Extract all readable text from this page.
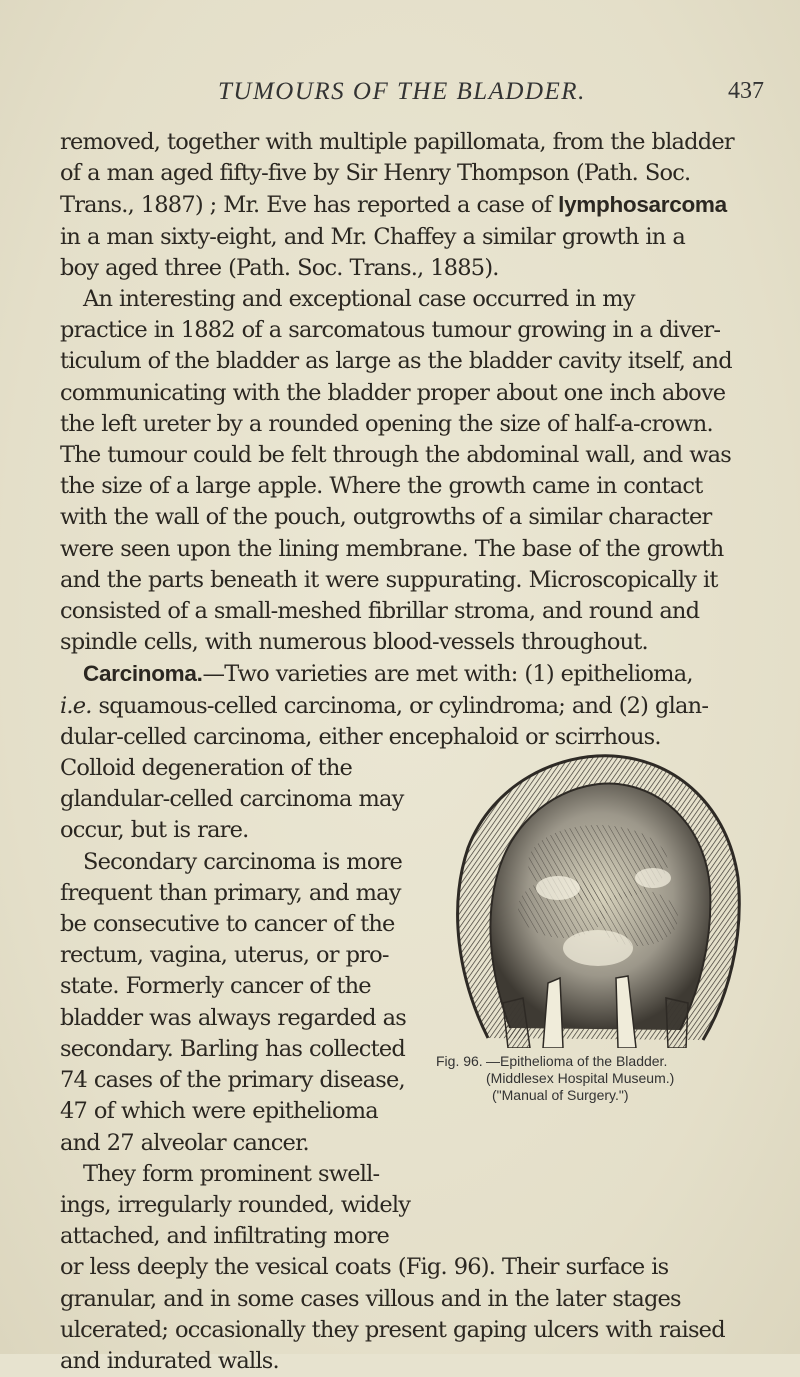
TUMOURS OF THE BLADDER.	437
removed, together with multiple papillomata, from the bladder
of a man aged fifty-five by Sir Henry Thompson (Path. Soc.
Trans., 1887) ; Mr. Eve has reported a case of lymphosarcoma
in a man sixty-eight, and Mr. Chaffey a similar growth in a
boy aged three (Path. Soc. Trans., 1885).
An interesting and exceptional case occurred in my
practice in 1882 of a sarcomatous tumour growing in a diver-
ticulum of the bladder as large as the bladder cavity itself, and
communicating with the bladder proper about one inch above
the left ureter by a rounded opening the size of half-a-crown.
The tumour could be felt through the abdominal wall, and was
the size of a large apple. Where the growth came in contact
with the wall of the pouch, outgrowths of a similar character
were seen upon the lining membrane. The base of the growth
and the parts beneath it were suppurating. Microscopically it
consisted of a small-meshed fibrillar stroma, and round and
spindle cells, with numerous blood-vessels throughout.
Carcinoma.—Two varieties are met with: (1) epithelioma,
i.e. squamous-celled carcinoma, or cylindroma; and (2) glan-
dular-celled carcinoma, either encephaloid or scirrhous.
Colloid degeneration of the
glandular-celled carcinoma may
occur, but is rare.
Secondary carcinoma is more
frequent than primary, and may
be consecutive to cancer of the
rectum, vagina, uterus, or pro-
state. Formerly cancer of the
bladder was always regarded as
secondary. Barling has collected
74 cases of the primary disease,
47 of which were epithelioma
and 27 alveolar cancer.
They form prominent swell-
ings, irregularly rounded, widely
attached, and infiltrating more
or less deeply the vesical coats (Fig. 96). Their surface is
granular, and in some cases villous and in the later stages
ulcerated; occasionally they present gaping ulcers with raised
and indurated walls.
Fig. 96. —Epithelioma of the Bladder.
(Middlesex Hospital Museum.)
("Manual of Surgery.")
